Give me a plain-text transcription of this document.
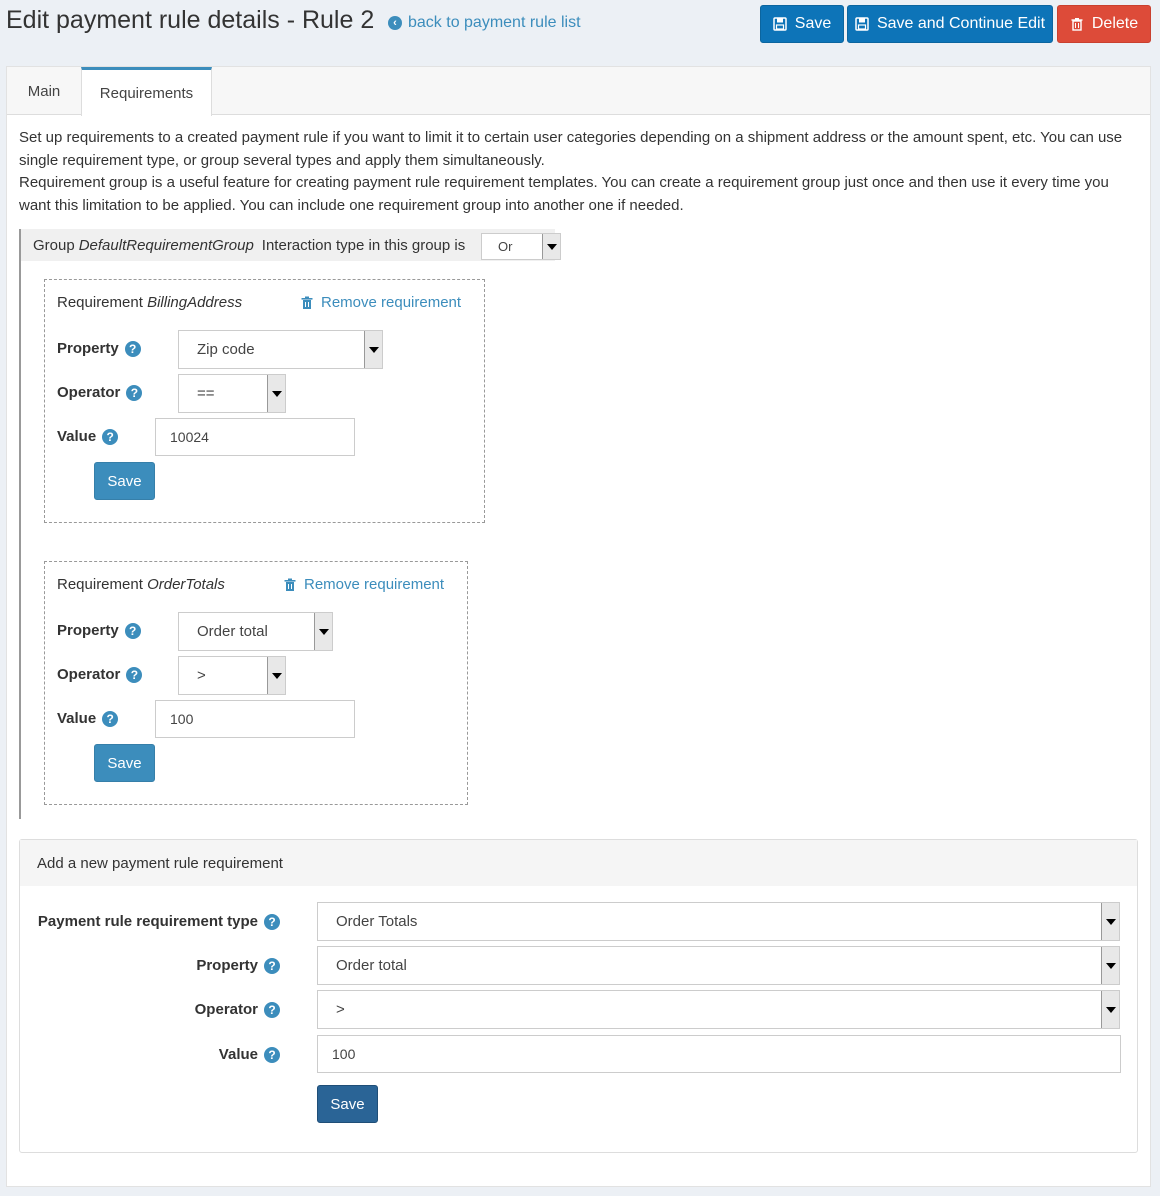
Edit payment rule details - Rule 2	‹ back to payment rule list	Save	Save and Continue Edit	Delete
Main	Requirements

Set up requirements to a created payment rule if you want to limit it to certain user categories depending on a shipment address or the amount spent, etc. You can use single requirement type, or group several types and apply them simultaneously.

Requirement group is a useful feature for creating payment rule requirement templates. You can create a requirement group just once and then use it every time you want this limitation to be applied. You can include one requirement group into another one if needed.

Group DefaultRequirementGroup Interaction type in this group is	Or
Requirement BillingAddress	Remove requirement
Property ?	Zip code
Operator ?	==
Value ?	10024
Save
Requirement OrderTotals	Remove requirement
Property ?	Order total
Operator ?	>
Value ?	100
Save
Add a new payment rule requirement
Payment rule requirement type ?	Order Totals
Property ?	Order total
Operator ?	>
Value ?	100
Save
